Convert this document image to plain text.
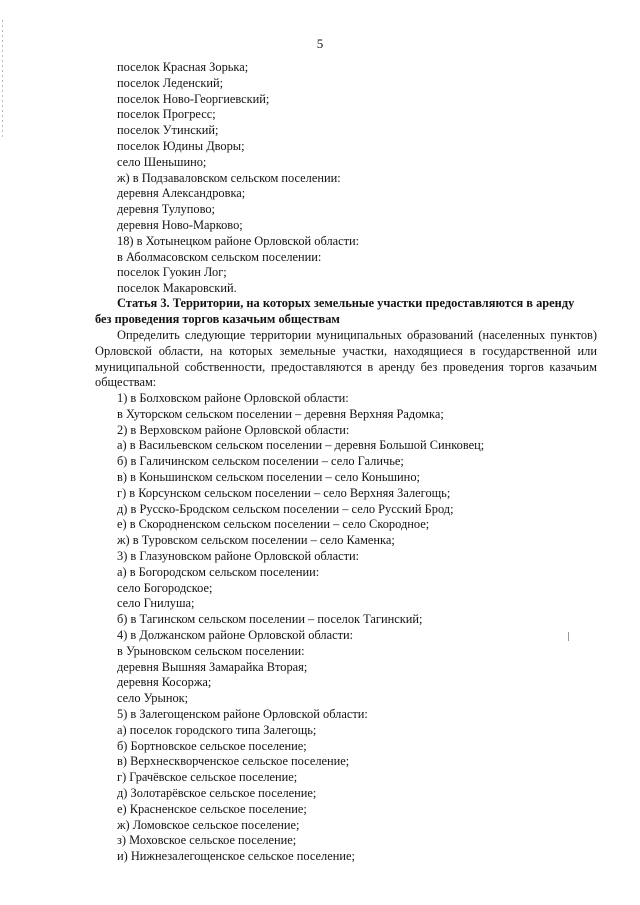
5
поселок Красная Зорька;
поселок Леденский;
поселок Ново-Георгиевский;
поселок Прогресс;
поселок Утинский;
поселок Юдины Дворы;
село Шеньшино;
ж) в Подзаваловском сельском поселении:
деревня Александровка;
деревня Тулупово;
деревня Ново-Марково;
18) в Хотынецком районе Орловской области:
в Аболмасовском сельском поселении:
поселок Гуокин Лог;
поселок Макаровский.
Статья 3. Территории, на которых земельные участки предоставляются в аренду
без проведения торгов казачьим обществам
Определить следующие территории муниципальных образований (населенных пунктов) Орловской области, на которых земельные участки, находящиеся в государственной или муниципальной собственности, предоставляются в аренду без проведения торгов казачьим обществам:
1) в Болховском районе Орловской области:
в Хуторском сельском поселении – деревня Верхняя Радомка;
2) в Верховском районе Орловской области:
а) в Васильевском сельском поселении – деревня Большой Синковец;
б) в Галичинском сельском поселении – село Галичье;
в) в Коньшинском сельском поселении – село Коньшино;
г) в Корсунском сельском поселении – село Верхняя Залегощь;
д) в Русско-Бродском сельском поселении – село Русский Брод;
е) в Скородненском сельском поселении – село Скородное;
ж) в Туровском сельском поселении – село Каменка;
3) в Глазуновском районе Орловской области:
а) в Богородском сельском поселении:
село Богородское;
село Гнилуша;
б) в Тагинском сельском поселении – поселок Тагинский;
4) в Должанском районе Орловской области:
в Урыновском сельском поселении:
деревня Вышняя Замарайка Вторая;
деревня Косоржа;
село Урынок;
5) в Залегощенском районе Орловской области:
а) поселок городского типа Залегощь;
б) Бортновское сельское поселение;
в) Верхнескворченское сельское поселение;
г) Грачёвское сельское поселение;
д) Золотарёвское сельское поселение;
е) Красненское сельское поселение;
ж) Ломовское сельское поселение;
з) Моховское сельское поселение;
и) Нижнезалегощенское сельское поселение;
